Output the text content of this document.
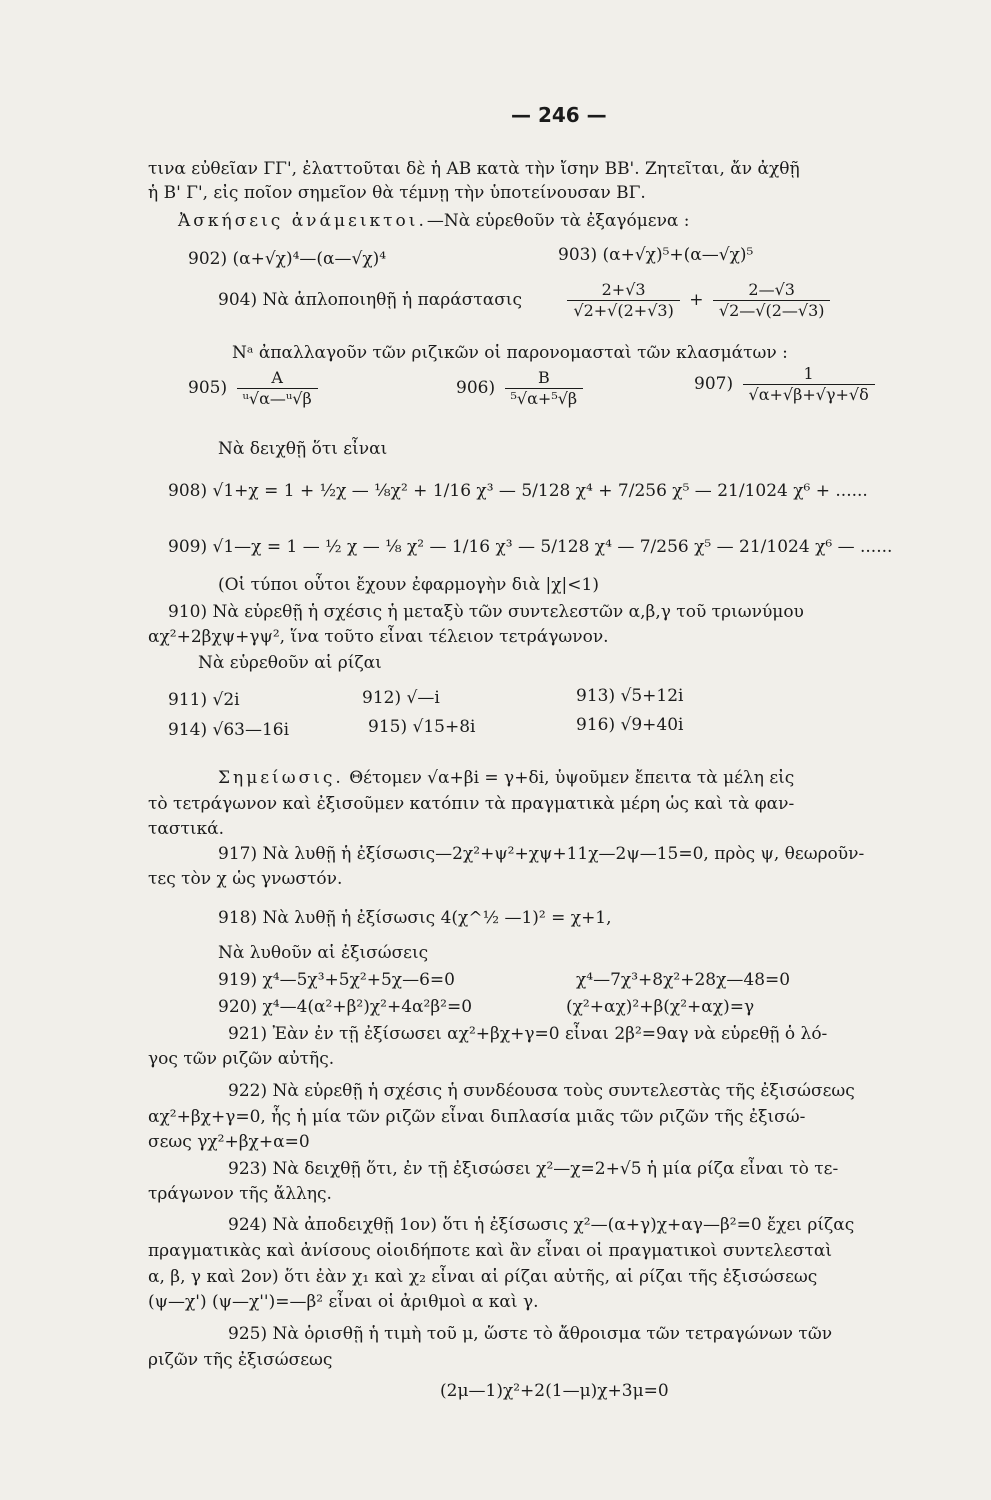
— 246 —
τινα εὐθεῖαν ΓΓ', ἐλαττοῦται δὲ ἡ ΑΒ κατὰ τὴν ἴσην ΒΒ'. Ζητεῖται, ἄν ἀχθῇ
ἡ Β' Γ', εἰς ποῖον σημεῖον θὰ τέμνῃ τὴν ὑποτείνουσαν ΒΓ.
Ἀσκήσεις ἀνάμεικτοι.—Νὰ εὑρεθοῦν τὰ ἐξαγόμενα :
902) (α+√χ)⁴—(α—√χ)⁴	903) (α+√χ)⁵+(α—√χ)⁵
904) Νὰ ἁπλοποιηθῇ ἡ παράστασις	$\frac{2+√3}{√2+√(2+√3)} + \frac{2—√3}{√2—√(2—√3)}$
Νᵃ ἀπαλλαγοῦν τῶν ριζικῶν οἱ παρονομασταὶ τῶν κλασμάτων :
$905) \frac{A}{\text{ᵘ√α—ᵘ√β}}$	$906) \frac{B}{\text{⁵√α+⁵√β}}$	$907) \frac{1}{√\alpha+√\beta+√\gamma+√\delta}$
Νὰ δειχθῇ ὅτι εἶναι
908) √1+χ = 1 + ½χ — ⅛χ² + 1/16 χ³ — 5/128 χ⁴ + 7/256 χ⁵ — 21/1024 χ⁶ + ......
909) √1—χ = 1 — ½ χ — ⅛ χ² — 1/16 χ³ — 5/128 χ⁴ — 7/256 χ⁵ — 21/1024 χ⁶ — ......
(Οἱ τύποι οὗτοι ἔχουν ἐφαρμογὴν διὰ |χ|<1)
910) Νὰ εὑρεθῇ ἡ σχέσις ἡ μεταξὺ τῶν συντελεστῶν α,β,γ τοῦ τριωνύμου
αχ²+2βχψ+γψ², ἵνα τοῦτο εἶναι τέλειον τετράγωνον.
Νὰ εὑρεθοῦν αἱ ρίζαι
911) √2i	912) √—i	913) √5+12i
914) √63—16i	915) √15+8i	916) √9+40i
Σημείωσις. Θέτομεν √α+βi = γ+δi, ὑψοῦμεν ἔπειτα τὰ μέλη εἰς
τὸ τετράγωνον καὶ ἐξισοῦμεν κατόπιν τὰ πραγματικὰ μέρη ὡς καὶ τὰ φαν-
ταστικά.
917) Νὰ λυθῇ ἡ ἐξίσωσις—2χ²+ψ²+χψ+11χ—2ψ—15=0, πρὸς ψ, θεωροῦν-
τες τὸν χ ὡς γνωστόν.
918) Νὰ λυθῇ ἡ ἐξίσωσις 4(χ^½ —1)² = χ+1,
Νὰ λυθοῦν αἱ ἐξισώσεις
919) χ⁴—5χ³+5χ²+5χ—6=0	χ⁴—7χ³+8χ²+28χ—48=0
920) χ⁴—4(α²+β²)χ²+4α²β²=0	(χ²+αχ)²+β(χ²+αχ)=γ
921) Ἐὰν ἐν τῇ ἐξίσωσει αχ²+βχ+γ=0 εἶναι 2β²=9αγ νὰ εὑρεθῇ ὁ λό-
γος τῶν ριζῶν αὐτῆς.
922) Νὰ εὑρεθῇ ἡ σχέσις ἡ συνδέουσα τοὺς συντελεστὰς τῆς ἐξισώσεως
αχ²+βχ+γ=0, ἧς ἡ μία τῶν ριζῶν εἶναι διπλασία μιᾶς τῶν ριζῶν τῆς ἐξισώ-
σεως γχ²+βχ+α=0
923) Νὰ δειχθῇ ὅτι, ἐν τῇ ἐξισώσει χ²—χ=2+√5 ἡ μία ρίζα εἶναι τὸ τε-
τράγωνον τῆς ἄλλης.
924) Νὰ ἀποδειχθῇ 1ον) ὅτι ἡ ἐξίσωσις χ²—(α+γ)χ+αγ—β²=0 ἔχει ρίζας
πραγματικὰς καὶ ἀνίσους οἱοιδήποτε καὶ ἂν εἶναι οἱ πραγματικοὶ συντελεσταὶ
α, β, γ καὶ 2ον) ὅτι ἐὰν χ₁ καὶ χ₂ εἶναι αἱ ρίζαι αὐτῆς, αἱ ρίζαι τῆς ἐξισώσεως
(ψ—χ') (ψ—χ'')=—β² εἶναι οἱ ἀριθμοὶ α καὶ γ.
925) Νὰ ὁρισθῇ ἡ τιμὴ τοῦ μ, ὥστε τὸ ἄθροισμα τῶν τετραγώνων τῶν
ριζῶν τῆς ἐξισώσεως
(2μ—1)χ²+2(1—μ)χ+3μ=0
